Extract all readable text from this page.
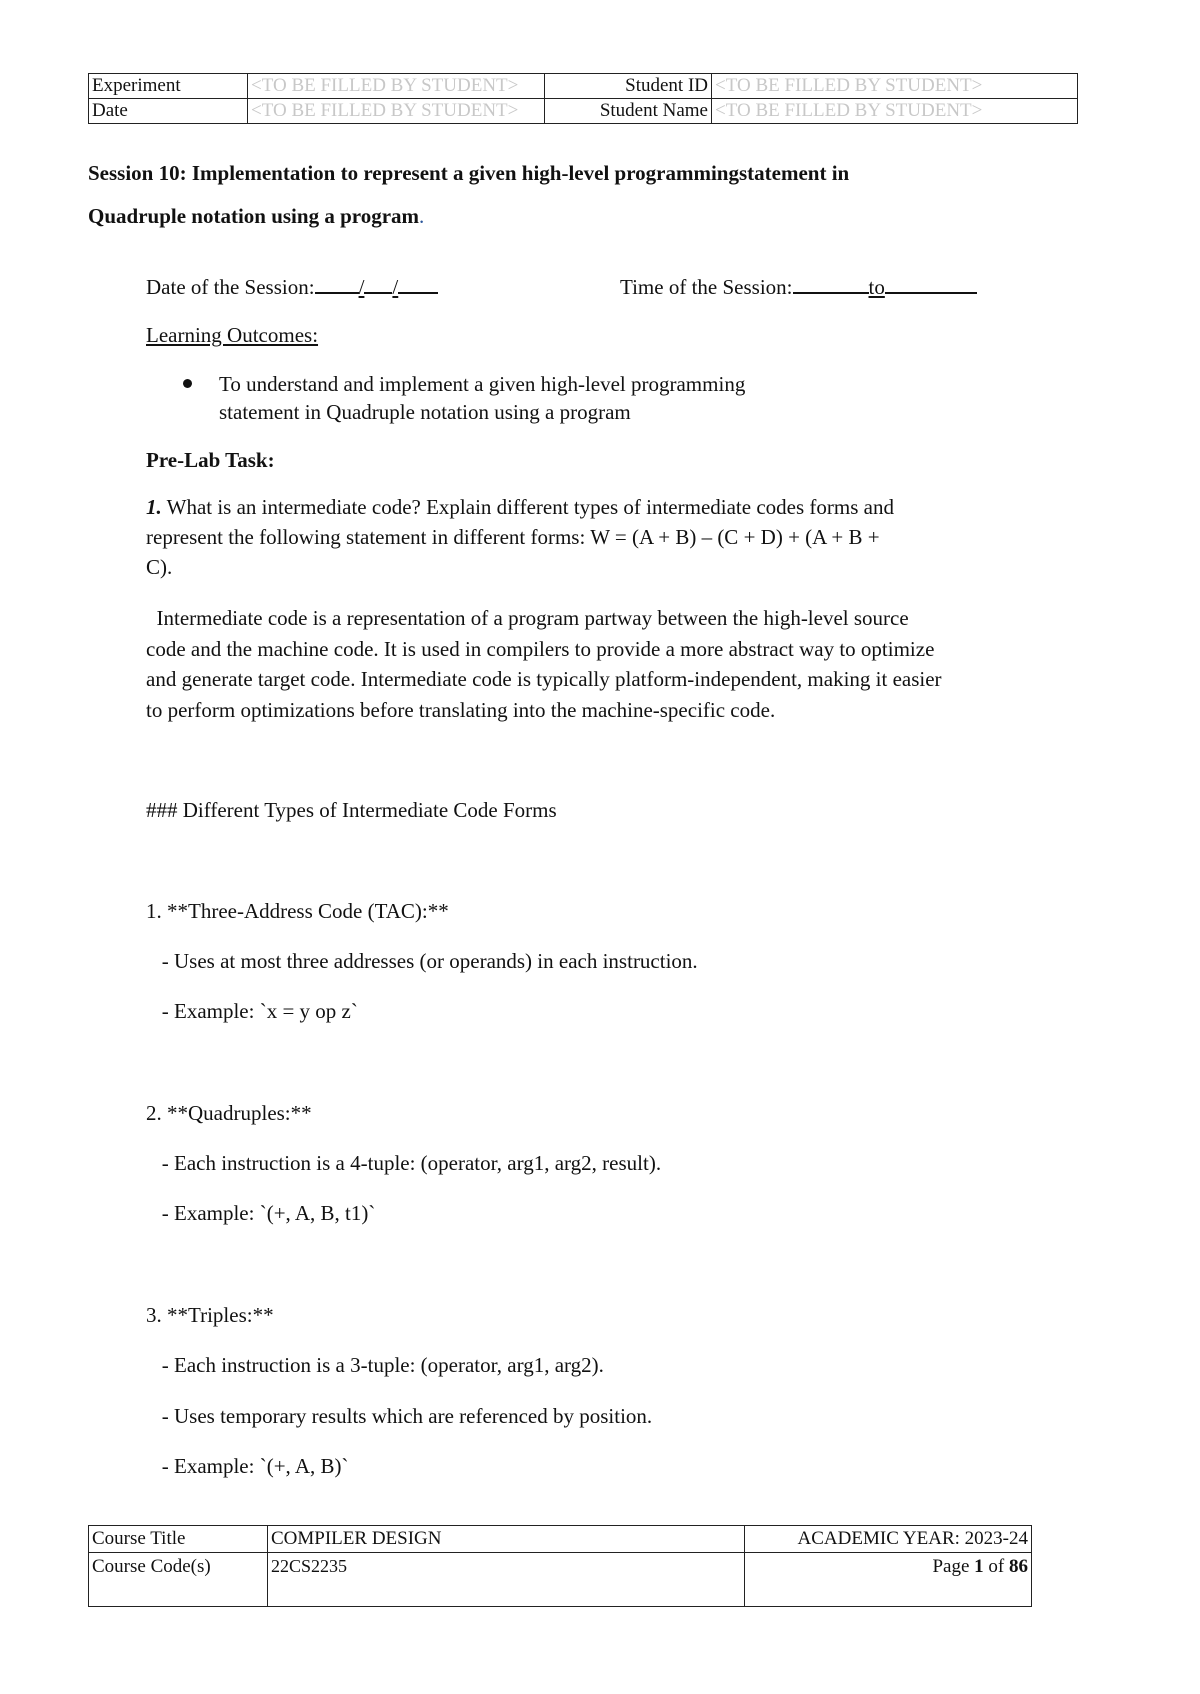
Experiment	<TO BE FILLED BY STUDENT>	Student ID	<TO BE FILLED BY STUDENT>
Date	<TO BE FILLED BY STUDENT>	Student Name	<TO BE FILLED BY STUDENT>
Session 10: Implementation to represent a given high-level programmingstatement in
Quadruple notation using a program.
Date of the Session: / /	Time of the Session:	to
Learning Outcomes:
To understand and implement a given high-level programming
statement in Quadruple notation using a program
Pre-Lab Task:
1. What is an intermediate code? Explain different types of intermediate codes forms and
represent the following statement in different forms: W = (A + B) – (C + D) + (A + B +
C).
Intermediate code is a representation of a program partway between the high-level source
code and the machine code. It is used in compilers to provide a more abstract way to optimize
and generate target code. Intermediate code is typically platform-independent, making it easier
to perform optimizations before translating into the machine-specific code.
### Different Types of Intermediate Code Forms
1. **Three-Address Code (TAC):**
- Uses at most three addresses (or operands) in each instruction.
- Example: `x = y op z`
2. **Quadruples:**
- Each instruction is a 4-tuple: (operator, arg1, arg2, result).
- Example: `(+, A, B, t1)`
3. **Triples:**
- Each instruction is a 3-tuple: (operator, arg1, arg2).
- Uses temporary results which are referenced by position.
- Example: `(+, A, B)`
Course Title	COMPILER DESIGN	ACADEMIC YEAR: 2023-24
Course Code(s)	22CS2235	Page 1 of 86
